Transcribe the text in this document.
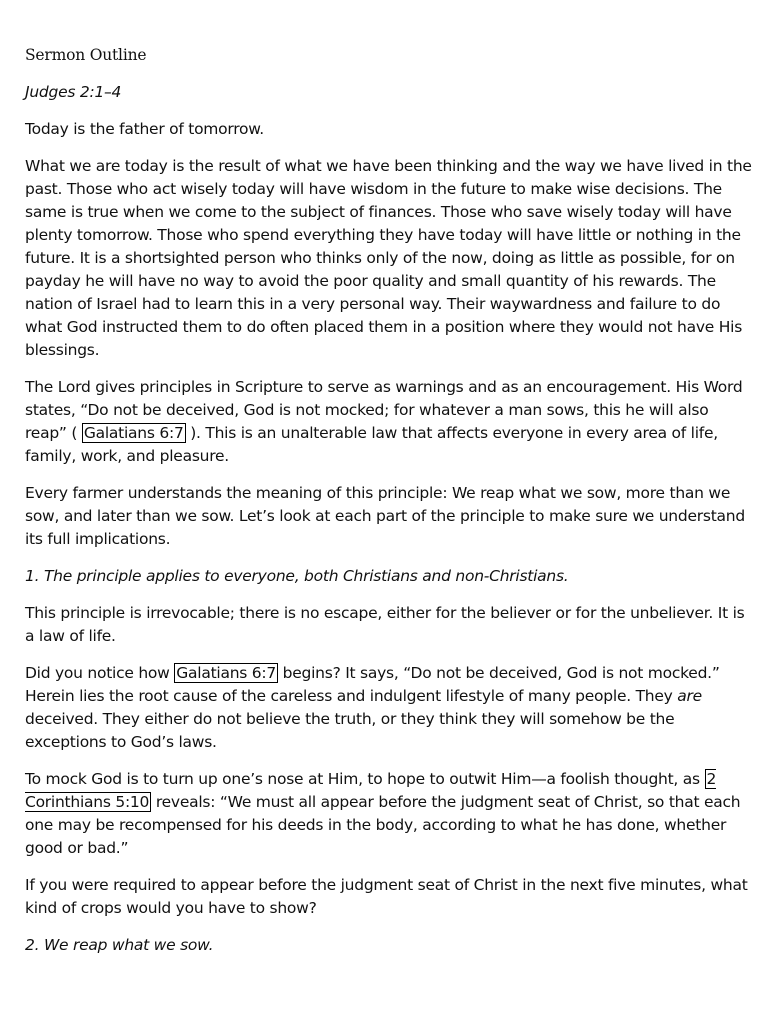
Sermon Outline

Judges 2:1–4

Today is the father of tomorrow.

What we are today is the result of what we have been thinking and the way we have lived in the past. Those who act wisely today will have wisdom in the future to make wise decisions. The same is true when we come to the subject of finances. Those who save wisely today will have plenty tomorrow. Those who spend everything they have today will have little or nothing in the future. It is a shortsighted person who thinks only of the now, doing as little as possible, for on payday he will have no way to avoid the poor quality and small quantity of his rewards. The nation of Israel had to learn this in a very personal way. Their waywardness and failure to do what God instructed them to do often placed them in a position where they would not have His blessings.

The Lord gives principles in Scripture to serve as warnings and as an encouragement. His Word states, “Do not be deceived, God is not mocked; for whatever a man sows, this he will also reap” ( Galatians 6:7 ). This is an unalterable law that affects everyone in every area of life, family, work, and pleasure.

Every farmer understands the meaning of this principle: We reap what we sow, more than we sow, and later than we sow. Let’s look at each part of the principle to make sure we understand its full implications.

1. The principle applies to everyone, both Christians and non-Christians.

This principle is irrevocable; there is no escape, either for the believer or for the unbeliever. It is a law of life.

Did you notice how Galatians 6:7 begins? It says, “Do not be deceived, God is not mocked.” Herein lies the root cause of the careless and indulgent lifestyle of many people. They are deceived. They either do not believe the truth, or they think they will somehow be the exceptions to God’s laws.

To mock God is to turn up one’s nose at Him, to hope to outwit Him—a foolish thought, as 2 Corinthians 5:10 reveals: “We must all appear before the judgment seat of Christ, so that each one may be recompensed for his deeds in the body, according to what he has done, whether good or bad.”

If you were required to appear before the judgment seat of Christ in the next five minutes, what kind of crops would you have to show?

2. We reap what we sow.
